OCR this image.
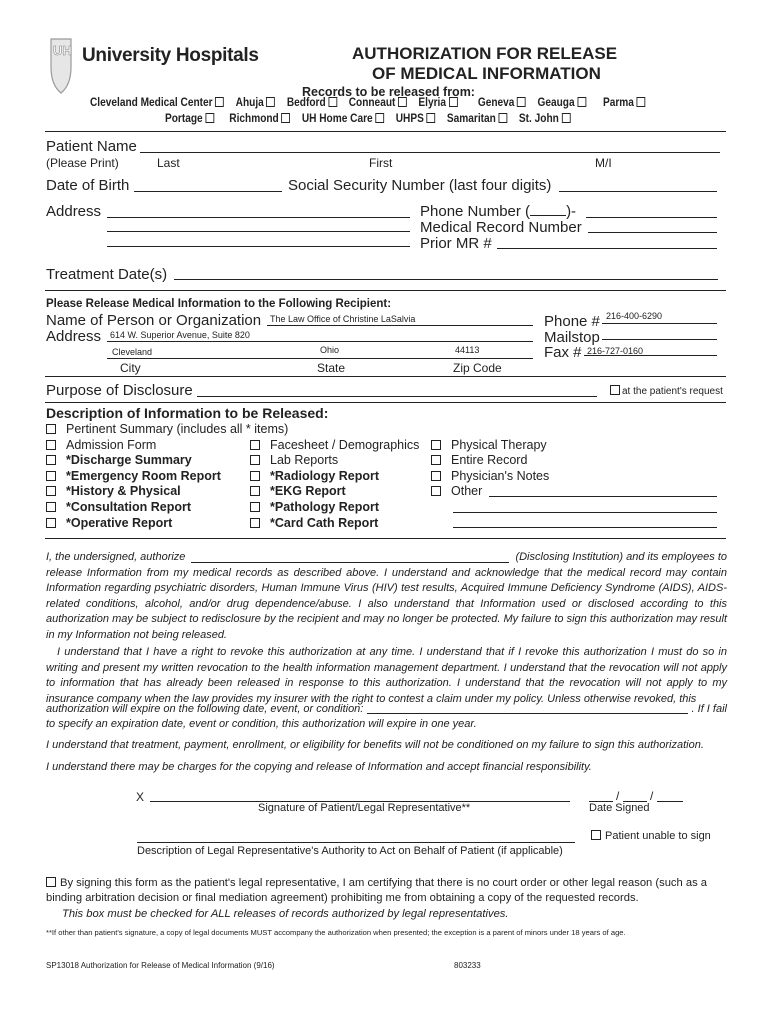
UH University Hospitals	AUTHORIZATION FOR RELEASE
OF MEDICAL INFORMATION
Records to be released from:
Cleveland Medical Center Ahuja Bedford Conneaut Elyria	Geneva Geauga Parma
Portage Richmond UH Home Care UHPS Samaritan St. John
Patient Name
(Please Print)	Last	First	M/I
Date of Birth	Social Security Number (last four digits)
Address	Phone Number ( )-
Medical Record Number
Prior MR #
Treatment Date(s)
Please Release Medical Information to the Following Recipient:
Name of Person or Organization The Law Office of Christine LaSalvia
Address 614 W. Superior Avenue, Suite 820
Cleveland	Ohio	44113
City	State	Zip Code
Phone # 216-400-6290
Mailstop
Fax # 216-727-0160
Purpose of Disclosure	at the patient's request
Description of Information to be Released:
Pertinent Summary (includes all * items)
Admission Form
*Discharge Summary
*Emergency Room Report
*History & Physical
*Consultation Report
*Operative Report
Facesheet / Demographics
Lab Reports
*Radiology Report
*EKG Report
*Pathology Report
*Card Cath Report
Physical Therapy
Entire Record
Physician's Notes
Other
I, the undersigned, authorize	(Disclosing Institution) and its employees to
release Information from my medical records as described above. I understand and acknowledge that the medical record may contain Information regarding psychiatric disorders, Human Immune Virus (HIV) test results, Acquired Immune Deficiency Syndrome (AIDS), AIDS-related conditions, alcohol, and/or drug dependence/abuse. I also understand that Information used or disclosed according to this authorization may be subject to redisclosure by the recipient and may no longer be protected. My failure to sign this authorization may result in my Information not being released.
I understand that I have a right to revoke this authorization at any time. I understand that if I revoke this authorization I must do so in writing and present my written revocation to the health information management department. I understand that the revocation will not apply to information that has already been released in response to this authorization. I understand that the revocation will not apply to my insurance company when the law provides my insurer with the right to contest a claim under my policy. Unless otherwise revoked, this
authorization will expire on the following date, event, or condition:	. If I fail
to specify an expiration date, event or condition, this authorization will expire in one year.
I understand that treatment, payment, enrollment, or eligibility for benefits will not be conditioned on my failure to sign this authorization.
I understand there may be charges for the copying and release of Information and accept financial responsibility.
X
Signature of Patient/Legal Representative**
/	/
Date Signed
Patient unable to sign
Description of Legal Representative's Authority to Act on Behalf of Patient (if applicable)
By signing this form as the patient's legal representative, I am certifying that there is no court order or other legal reason (such as a binding arbitration decision or final mediation agreement) prohibiting me from obtaining a copy of the requested records.
This box must be checked for ALL releases of records authorized by legal representatives.
**If other than patient's signature, a copy of legal documents MUST accompany the authorization when presented; the exception is a parent of minors under 18 years of age.
SP13018 Authorization for Release of Medical Information (9/16)	803233
